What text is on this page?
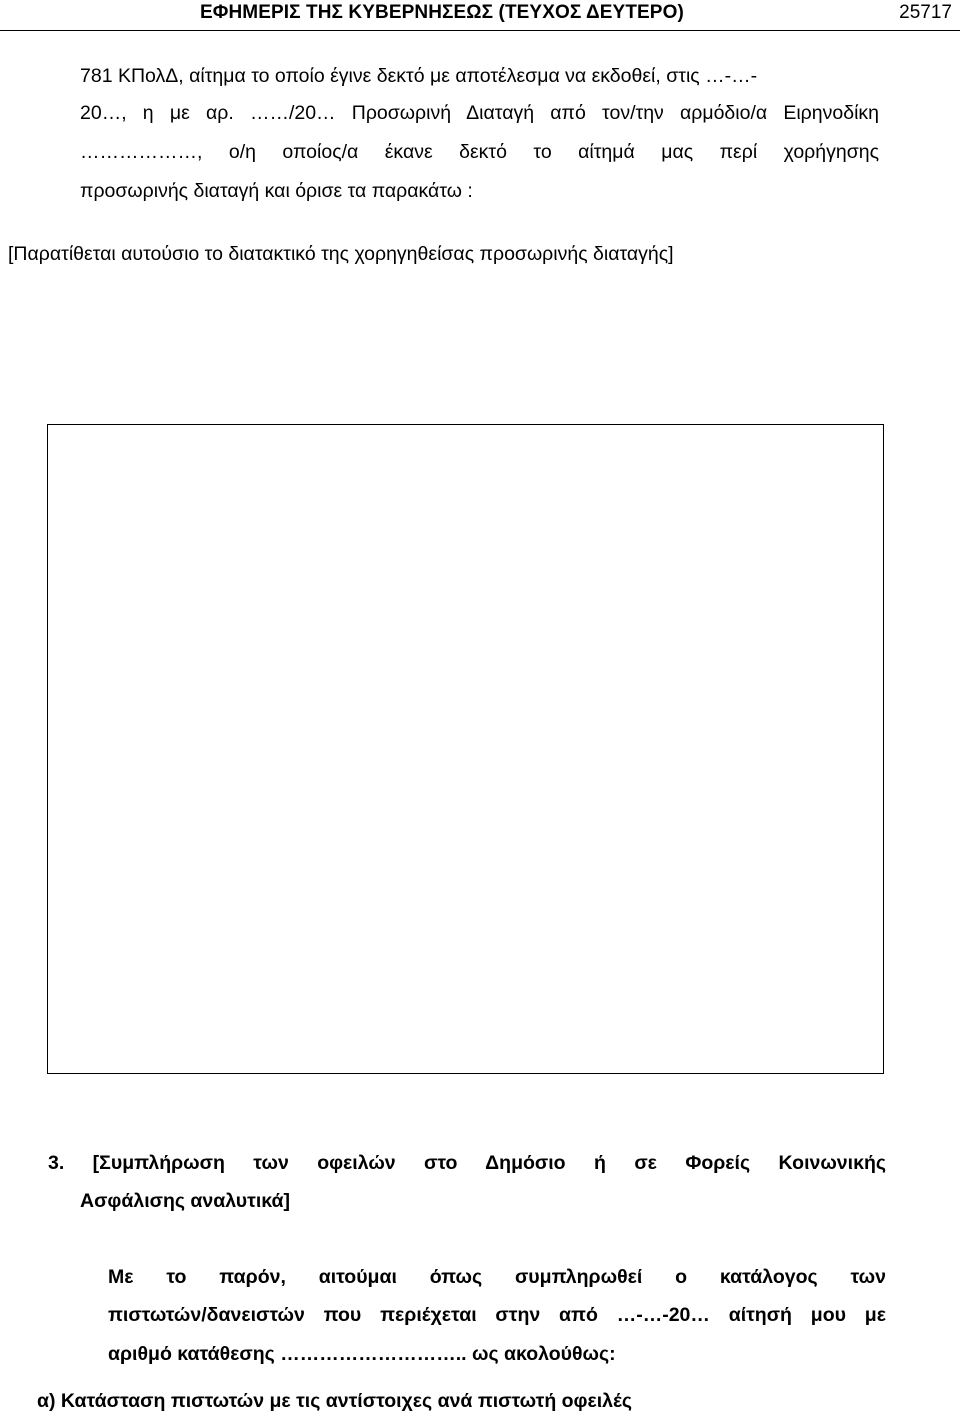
ΕΦΗΜΕΡΙΣ ΤΗΣ ΚΥΒΕΡΝΗΣΕΩΣ (ΤΕΥΧΟΣ ΔΕΥΤΕΡΟ)	25717
781 ΚΠολΔ, αίτημα το οποίο έγινε δεκτό με αποτέλεσμα να εκδοθεί, στις …-…-
20…, η με αρ. ……/20… Προσωρινή Διαταγή από τον/την αρμόδιο/α Ειρηνοδίκη
………………, ο/η οποίος/α έκανε δεκτό το αίτημά μας περί χορήγησης
προσωρινής διαταγή και όρισε τα παρακάτω :
[Παρατίθεται αυτούσιο το διατακτικό της χορηγηθείσας προσωρινής διαταγής]
3. [Συμπλήρωση των οφειλών στο Δημόσιο ή σε Φορείς Κοινωνικής
Ασφάλισης αναλυτικά]
Με το παρόν, αιτούμαι όπως συμπληρωθεί ο κατάλογος των
πιστωτών/δανειστών που περιέχεται στην από …-…-20… αίτησή μου με
αριθμό κατάθεσης ……………………….. ως ακολούθως:
α) Κατάσταση πιστωτών με τις αντίστοιχες ανά πιστωτή οφειλές
